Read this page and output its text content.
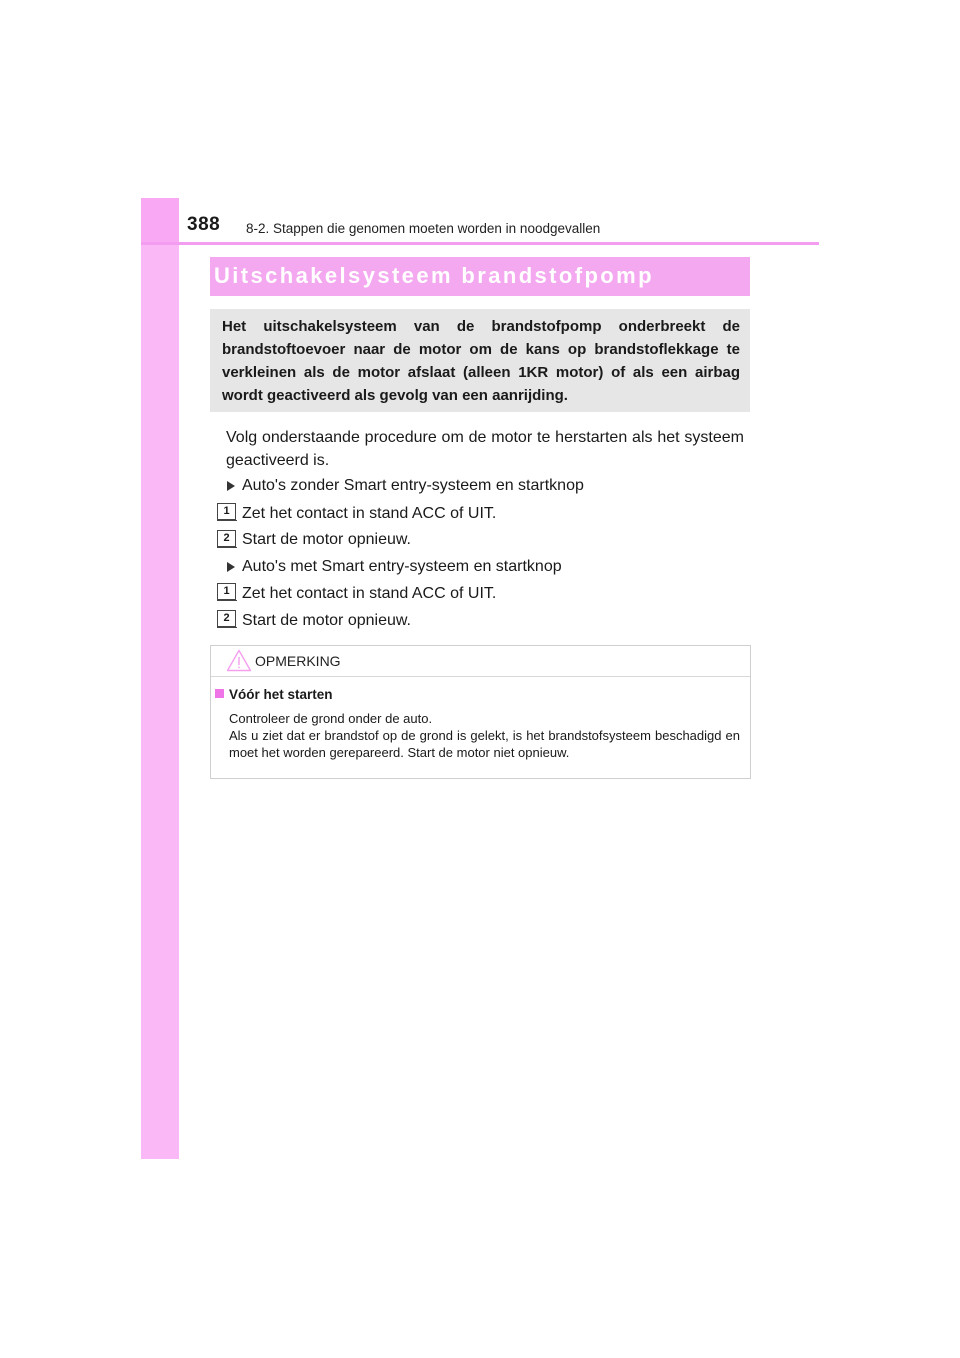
388 8-2. Stappen die genomen moeten worden in noodgevallen
Uitschakelsysteem brandstofpomp
Het uitschakelsysteem van de brandstofpomp onderbreekt de brandstoftoevoer naar de motor om de kans op brandstoflekkage te verkleinen als de motor afslaat (alleen 1KR motor) of als een airbag wordt geactiveerd als gevolg van een aanrijding.
Volg onderstaande procedure om de motor te herstarten als het systeem geactiveerd is.
Auto's zonder Smart entry-systeem en startknop
1 Zet het contact in stand ACC of UIT.
2 Start de motor opnieuw.
Auto's met Smart entry-systeem en startknop
1 Zet het contact in stand ACC of UIT.
2 Start de motor opnieuw.
OPMERKING
Vóór het starten
Controleer de grond onder de auto.
Als u ziet dat er brandstof op de grond is gelekt, is het brandstofsysteem beschadigd en moet het worden gerepareerd. Start de motor niet opnieuw.
